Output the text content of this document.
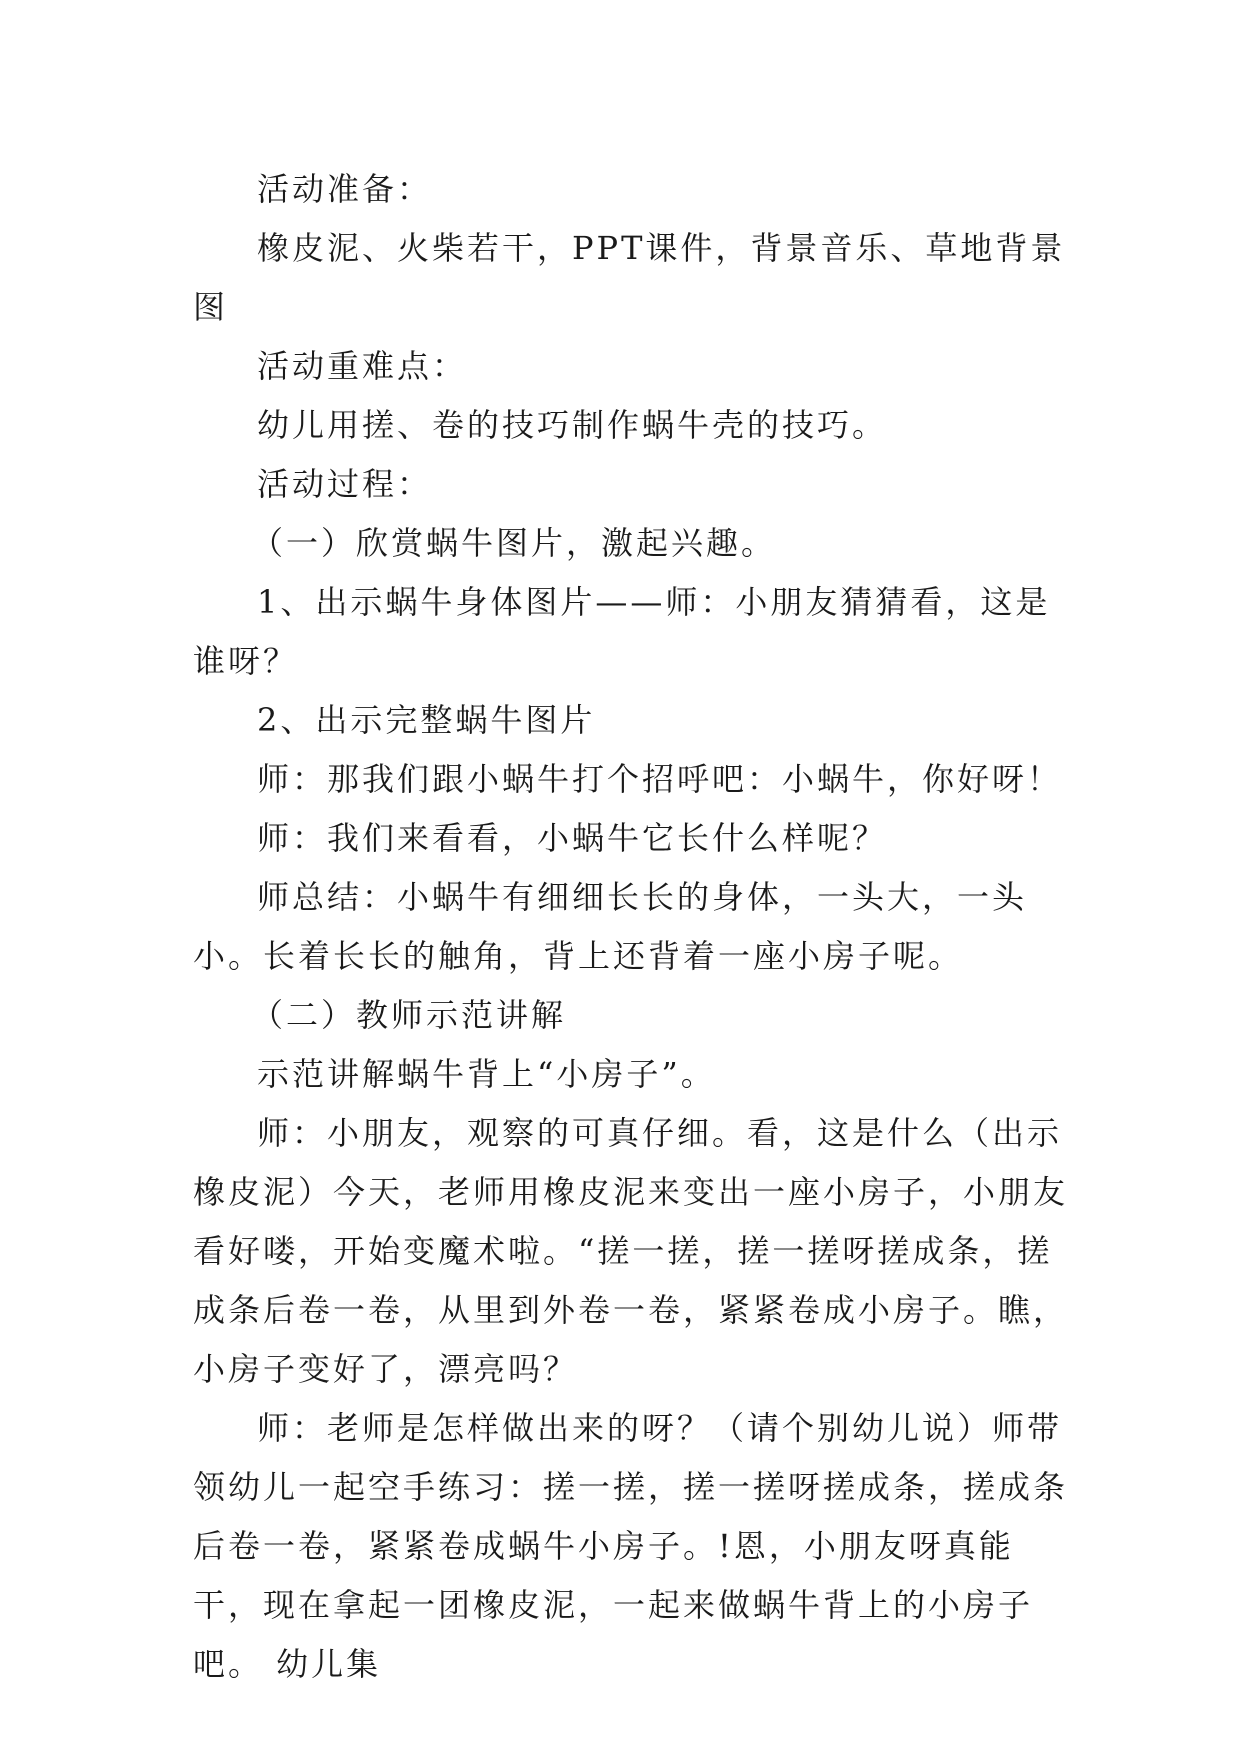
活动准备：

橡皮泥、火柴若干，PPT课件，背景音乐、草地背景图

活动重难点：

幼儿用搓、卷的技巧制作蜗牛壳的技巧。

活动过程：

（一）欣赏蜗牛图片，激起兴趣。

1、出示蜗牛身体图片——师：小朋友猜猜看，这是谁呀？

2、出示完整蜗牛图片

师：那我们跟小蜗牛打个招呼吧：小蜗牛，你好呀！

师：我们来看看，小蜗牛它长什么样呢？

师总结：小蜗牛有细细长长的身体，一头大，一头小。长着长长的触角，背上还背着一座小房子呢。

（二）教师示范讲解

示范讲解蜗牛背上“小房子”。

师：小朋友，观察的可真仔细。看，这是什么（出示橡皮泥）今天，老师用橡皮泥来变出一座小房子，小朋友看好喽，开始变魔术啦。“搓一搓，搓一搓呀搓成条，搓成条后卷一卷，从里到外卷一卷，紧紧卷成小房子。瞧，小房子变好了，漂亮吗？

师：老师是怎样做出来的呀？（请个别幼儿说）师带领幼儿一起空手练习：搓一搓，搓一搓呀搓成条，搓成条后卷一卷，紧紧卷成蜗牛小房子。!恩，小朋友呀真能干，现在拿起一团橡皮泥，一起来做蜗牛背上的小房子吧。 幼儿集
